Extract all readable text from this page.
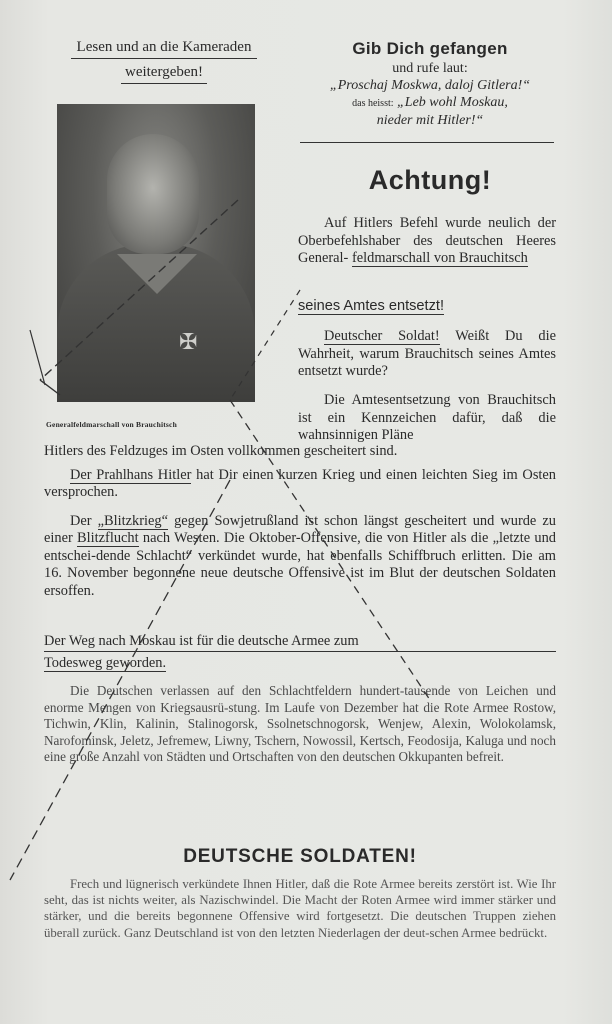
Lesen und an die Kameraden
weitergeben!
Gib Dich gefangen
und rufe laut:
„Proschaj Moskwa, daloj Gitlera!“
das heisst: „Leb wohl Moskau,
nieder mit Hitler!“
✠
Generalfeldmarschall von Brauchitsch
Achtung!
Auf Hitlers Befehl wurde neulich der Oberbefehlshaber des deutschen Heeres General- feldmarschall von Brauchitsch
seines Amtes entsetzt!
Deutscher Soldat! Weißt Du die Wahrheit, warum Brauchitsch seines Amtes entsetzt wurde?
Die Amtesentsetzung von Brauchitsch ist ein Kennzeichen dafür, daß die wahnsinnigen Pläne
Hitlers des Feldzuges im Osten vollkommen gescheitert sind.
Der Prahlhans Hitler hat Dir einen kurzen Krieg und einen leichten Sieg im Osten versprochen.
Der „Blitzkrieg“ gegen Sowjetrußland ist schon längst gescheitert und wurde zu einer Blitzflucht nach Westen. Die Oktober-Offensive, die von Hitler als die „letzte und entschei-dende Schlacht“ verkündet wurde, hat ebenfalls Schiffbruch erlitten. Die am 16. November begonnene neue deutsche Offensive ist im Blut der deutschen Soldaten ersoffen.
Der Weg nach Moskau ist für die deutsche Armee zum
Todesweg geworden.
Die Deutschen verlassen auf den Schlachtfeldern hundert-tausende von Leichen und enorme Mengen von Kriegsausrü-stung. Im Laufe von Dezember hat die Rote Armee Rostow, Tichwin, Klin, Kalinin, Stalinogorsk, Ssolnetschnogorsk, Wenjew, Alexin, Wolokolamsk, Narofominsk, Jeletz, Jefremew, Liwny, Tschern, Nowossil, Kertsch, Feodosija, Kaluga und noch eine große Anzahl von Städten und Ortschaften von den deutschen Okkupanten befreit.
DEUTSCHE SOLDATEN!
Frech und lügnerisch verkündete Ihnen Hitler, daß die Rote Armee bereits zerstört ist. Wie Ihr seht, das ist nichts weiter, als Nazischwindel. Die Macht der Roten Armee wird immer stärker und stärker, und die bereits begonnene Offensive wird fortgesetzt. Die deutschen Truppen ziehen überall zurück. Ganz Deutschland ist von den letzten Niederlagen der deut-schen Armee bedrückt.
